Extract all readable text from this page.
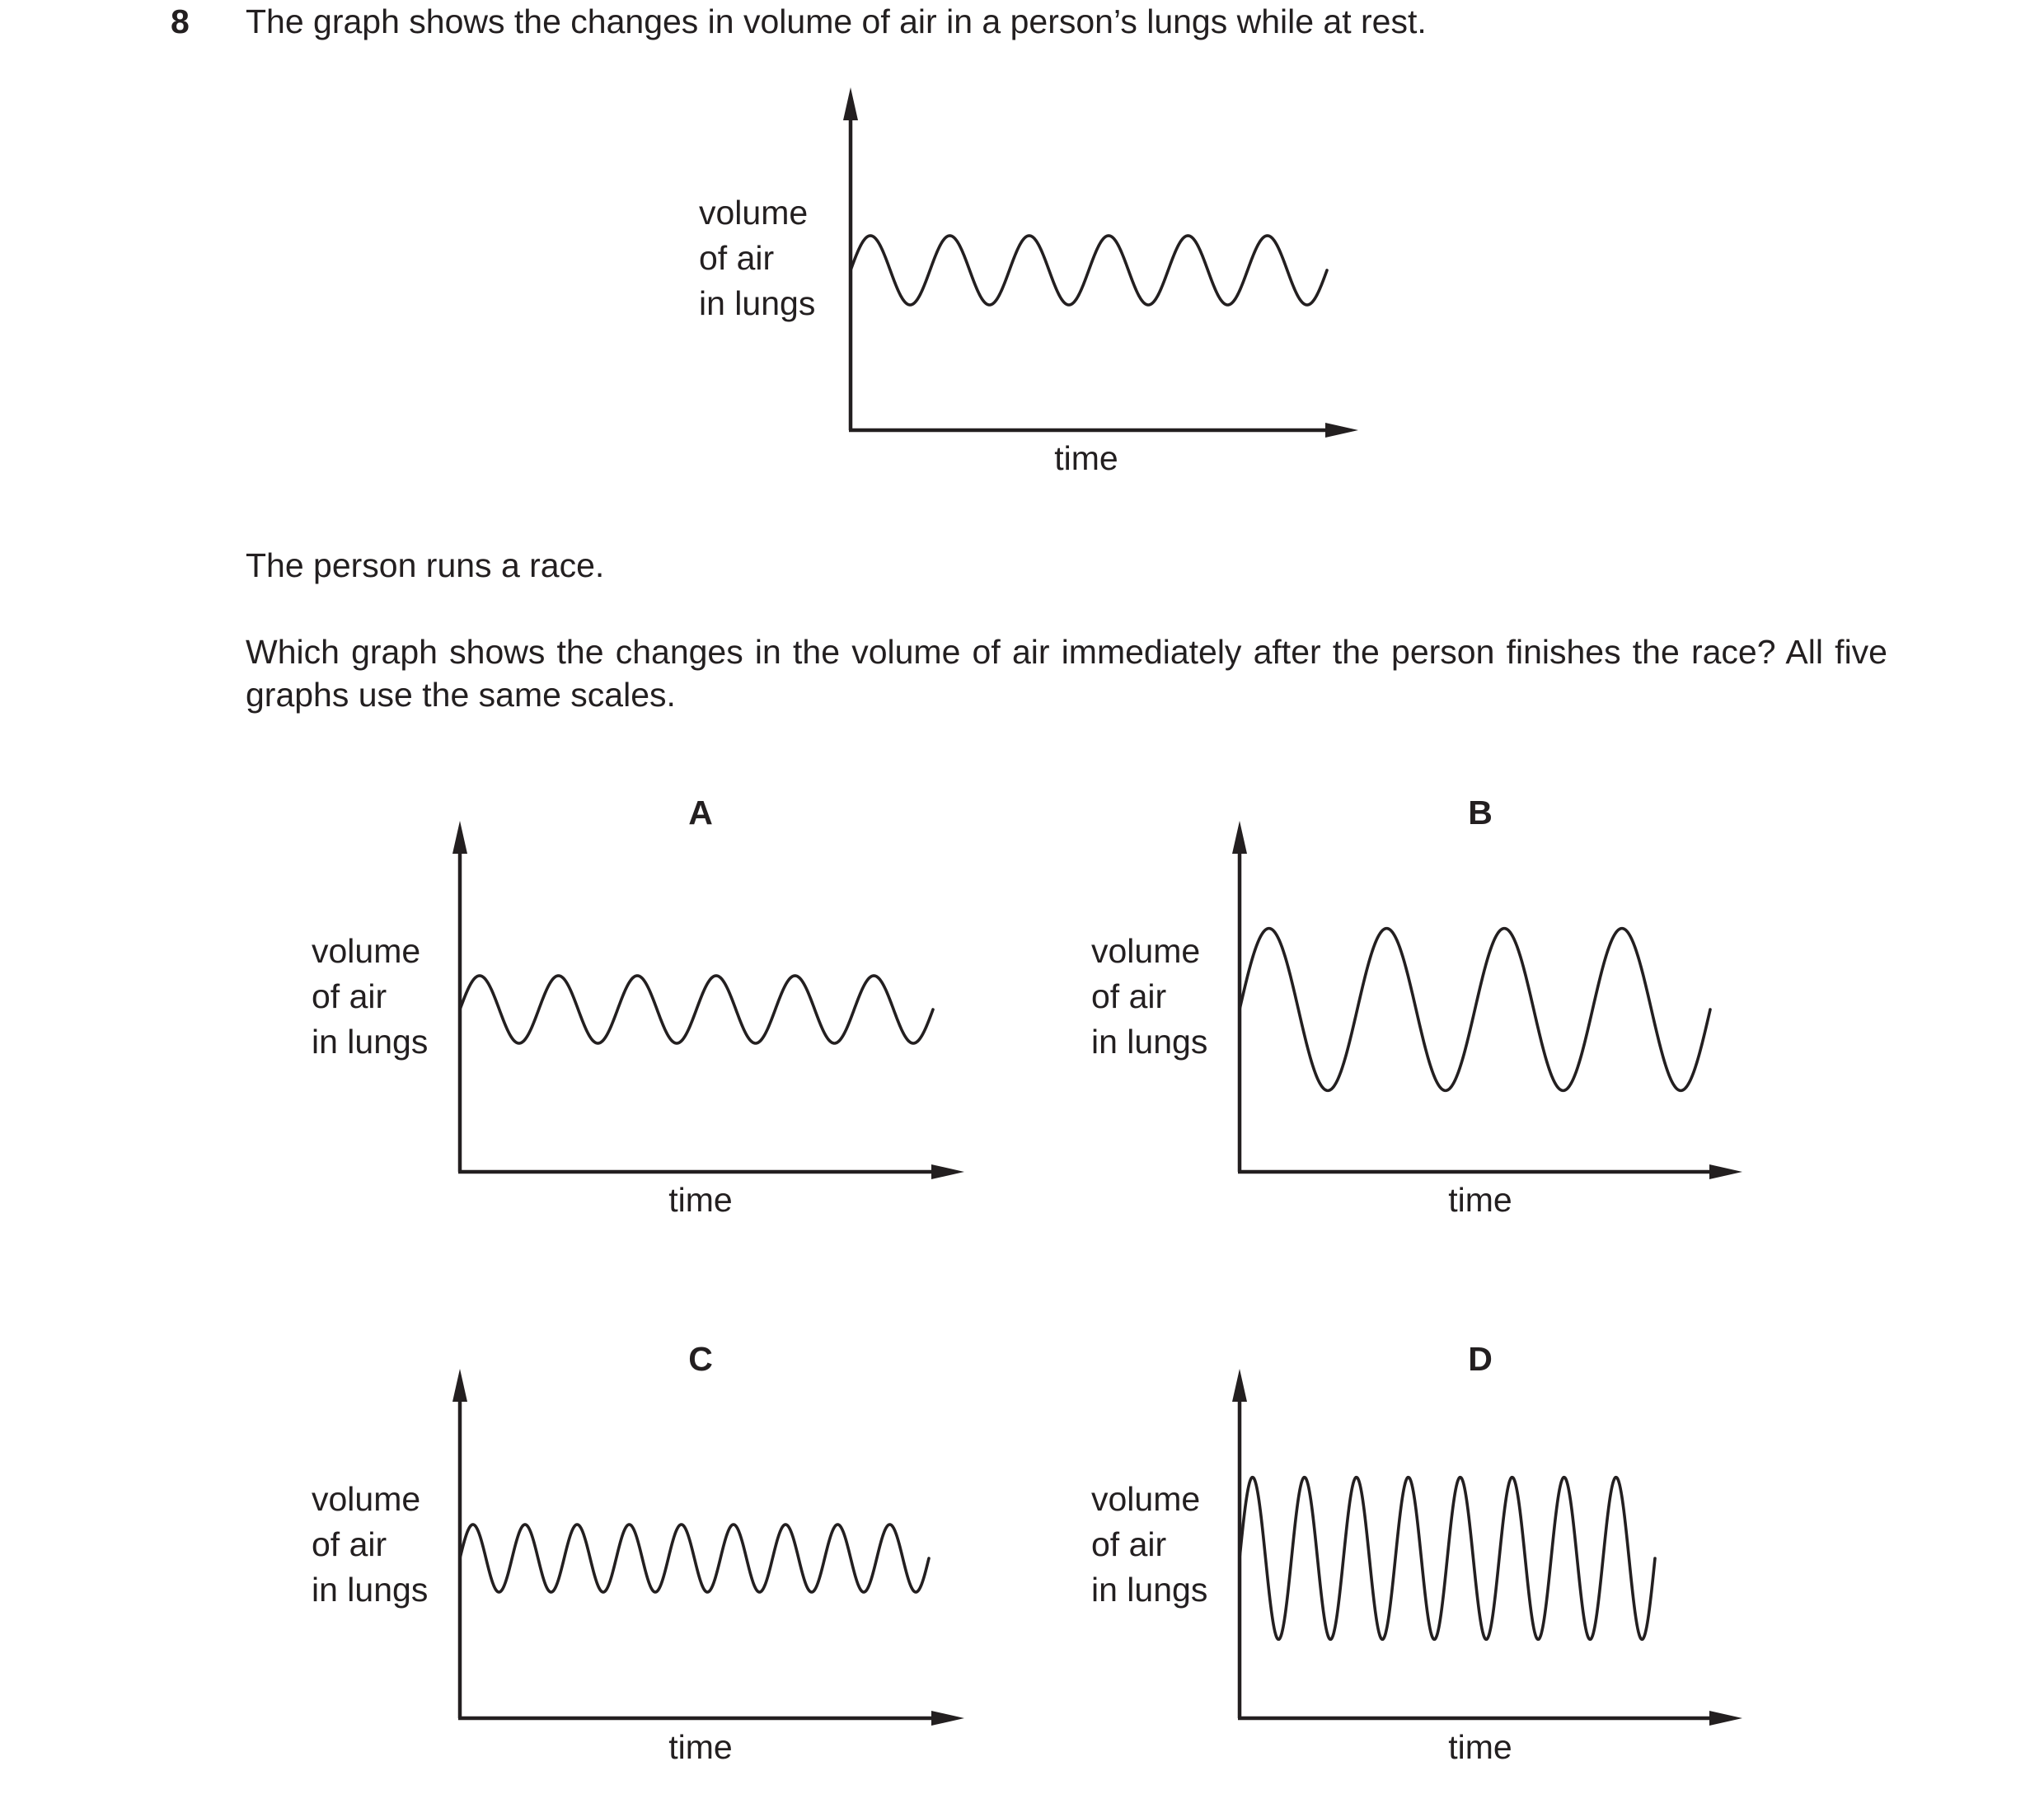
8 The graph shows the changes in volume of air in a person’s lungs while at rest.
The person runs a race.
Which graph shows the changes in the volume of air immediately after the person finishes the race? All five graphs use the same scales.
volume of air in lungs
time
volume of air in lungs
time
A
volume of air in lungs
time
B
volume of air in lungs
time
C
volume of air in lungs
time
D
